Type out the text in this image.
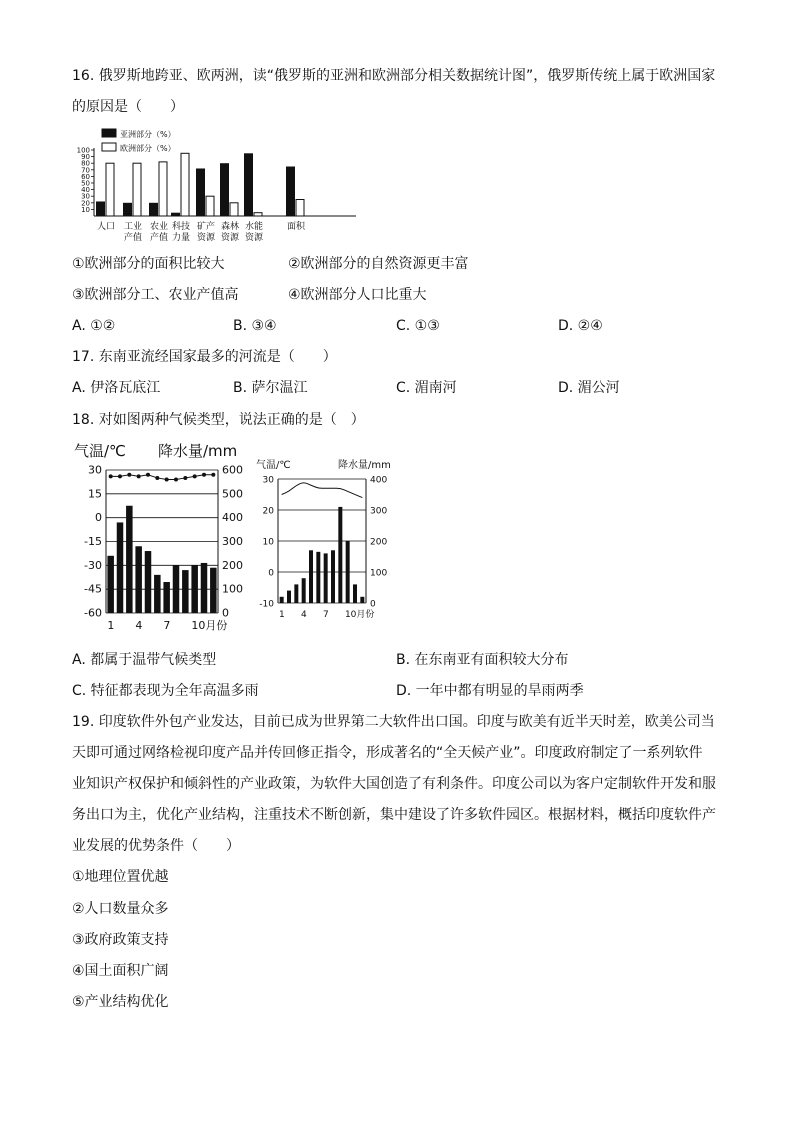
16. 俄罗斯地跨亚、欧两洲，读“俄罗斯的亚洲和欧洲部分相关数据统计图”，俄罗斯传统上属于欧洲国家
的原因是（　　）
亚洲部分（%）
欧洲部分（%）
10
20
30
40
50
60
70
80
90
100
人口 工业
产值
农业
产值
科技
力量
矿产
资源
森林
资源
水能
资源
面积
①欧洲部分的面积比较大	②欧洲部分的自然资源更丰富
③欧洲部分工、农业产值高	④欧洲部分人口比重大
A. ①②	B. ③④	C. ①③	D. ②④
17. 东南亚流经国家最多的河流是（　　）
A. 伊洛瓦底江	B. 萨尔温江	C. 湄南河	D. 湄公河
18. 对如图两种气候类型，说法正确的是（　）
气温/℃ 降水量/mm
30	600
15	500
0	400
-15	300
-30	200
-45	100
-60	0
1 4 7 10月份
气温/℃	降水量/mm
30	400
20	300
10	200
0	100
-10	0
1 4 7 10月份
A. 都属于温带气候类型	B. 在东南亚有面积较大分布
C. 特征都表现为全年高温多雨	D. 一年中都有明显的旱雨两季
19. 印度软件外包产业发达，目前已成为世界第二大软件出口国。印度与欧美有近半天时差，欧美公司当
天即可通过网络检视印度产品并传回修正指令，形成著名的“全天候产业”。印度政府制定了一系列软件
业知识产权保护和倾斜性的产业政策，为软件大国创造了有利条件。印度公司以为客户定制软件开发和服
务出口为主，优化产业结构，注重技术不断创新，集中建设了许多软件园区。根据材料，概括印度软件产
业发展的优势条件（　　）
①地理位置优越
②人口数量众多
③政府政策支持
④国土面积广阔
⑤产业结构优化
